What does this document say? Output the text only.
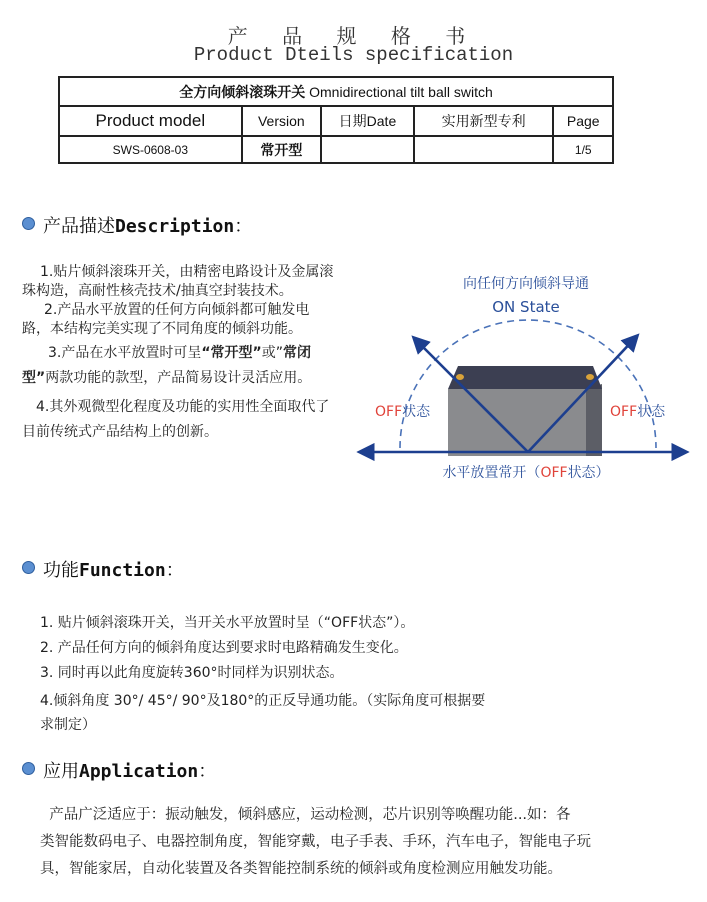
产 品 规 格 书
Product Dteils specification
全方向倾斜滚珠开关 Omnidirectional tilt ball switch				
Product model	Version	日期Date	实用新型专利	Page
SWS-0608-03	常开型			1/5
产品描述Description：

1.贴片倾斜滚珠开关，由精密电路设计及金属滚珠构造，高耐性核壳技术/抽真空封装技术。

2.产品水平放置的任何方向倾斜都可触发电路，本结构完美实现了不同角度的倾斜功能。

3.产品在水平放置时可呈“常开型”或”常闭型”两款功能的款型，产品简易设计灵活应用。

4.其外观微型化程度及功能的实用性全面取代了目前传统式产品结构上的创新。

向任何方向倾斜导通
ON State
OFF状态	OFF状态
水平放置常开（OFF状态）
功能Function：

1. 贴片倾斜滚珠开关，当开关水平放置时呈（“OFF状态”）。

2. 产品任何方向的倾斜角度达到要求时电路精确发生变化。

3. 同时再以此角度旋转360°时同样为识别状态。

4.倾斜角度 30°/ 45°/ 90°及180°的正反导通功能。（实际角度可根据要

求制定）

应用Application：

产品广泛适应于：振动触发，倾斜感应，运动检测，芯片识别等唤醒功能...如：各

类智能数码电子、电器控制角度，智能穿戴，电子手表、手环，汽车电子，智能电子玩

具，智能家居，自动化装置及各类智能控制系统的倾斜或角度检测应用触发功能。
